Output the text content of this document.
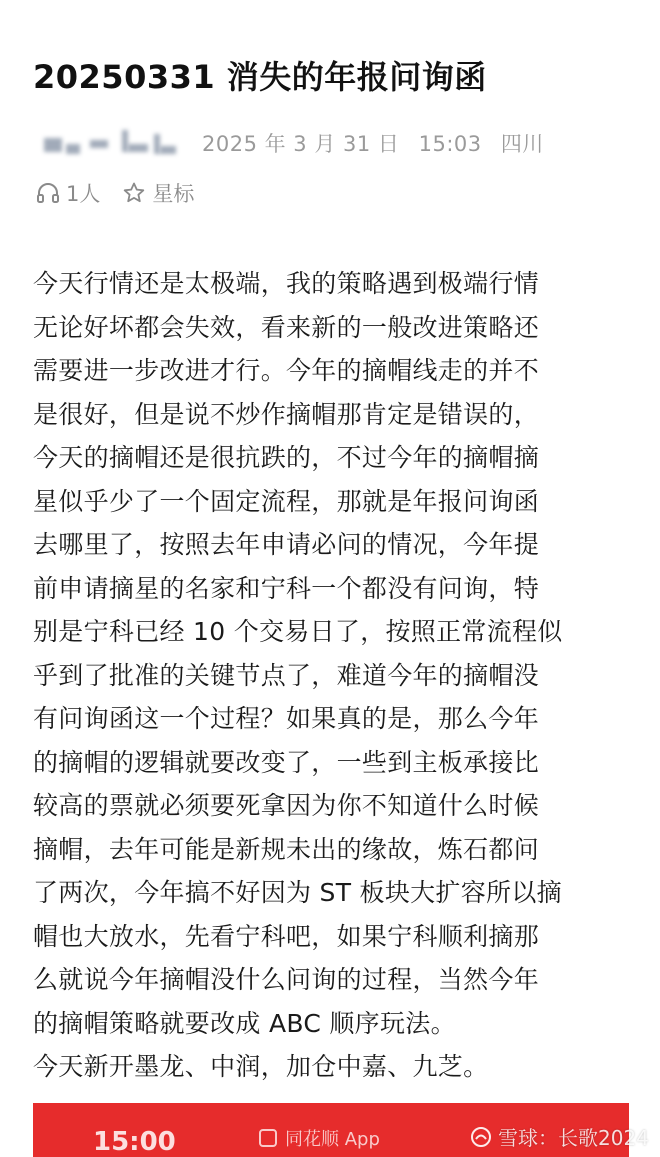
20250331 消失的年报问询函
2025 年 3 月 31 日 15:03 四川
1人 星标
今天行情还是太极端，我的策略遇到极端行情
无论好坏都会失效，看来新的一般改进策略还
需要进一步改进才行。今年的摘帽线走的并不
是很好，但是说不炒作摘帽那肯定是错误的，
今天的摘帽还是很抗跌的，不过今年的摘帽摘
星似乎少了一个固定流程，那就是年报问询函
去哪里了，按照去年申请必问的情况，今年提
前申请摘星的名家和宁科一个都没有问询，特
别是宁科已经 10 个交易日了，按照正常流程似
乎到了批准的关键节点了，难道今年的摘帽没
有问询函这一个过程？如果真的是，那么今年
的摘帽的逻辑就要改变了，一些到主板承接比
较高的票就必须要死拿因为你不知道什么时候
摘帽，去年可能是新规未出的缘故，炼石都问
了两次，今年搞不好因为 ST 板块大扩容所以摘
帽也大放水，先看宁科吧，如果宁科顺利摘那
么就说今年摘帽没什么问询的过程，当然今年
的摘帽策略就要改成 ABC 顺序玩法。
今天新开墨龙、中润，加仓中嘉、九芝。
15:00	同花顺 App	雪球：长歌2024
